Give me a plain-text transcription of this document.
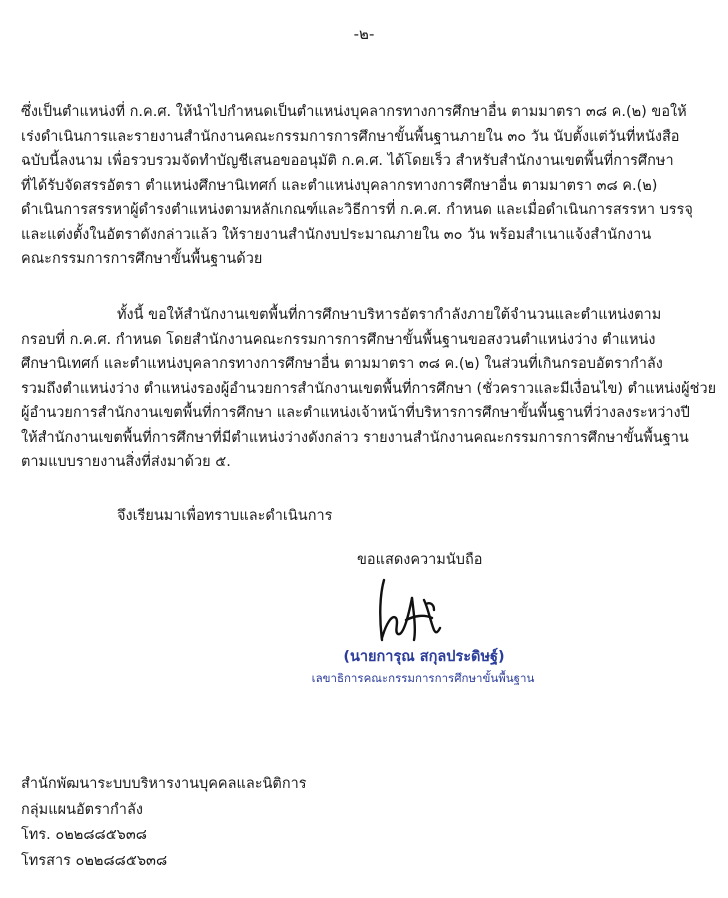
-๒-
ซึ่งเป็นตำแหน่งที่ ก.ค.ศ. ให้นำไปกำหนดเป็นตำแหน่งบุคลากรทางการศึกษาอื่น ตามมาตรา ๓๘ ค.(๒) ขอให้
เร่งดำเนินการและรายงานสำนักงานคณะกรรมการการศึกษาขั้นพื้นฐานภายใน ๓๐ วัน นับตั้งแต่วันที่หนังสือ
ฉบับนี้ลงนาม เพื่อรวบรวมจัดทำบัญชีเสนอขออนุมัติ ก.ค.ศ. ได้โดยเร็ว สำหรับสำนักงานเขตพื้นที่การศึกษา
ที่ได้รับจัดสรรอัตรา ตำแหน่งศึกษานิเทศก์ และตำแหน่งบุคลากรทางการศึกษาอื่น ตามมาตรา ๓๘ ค.(๒)
ดำเนินการสรรหาผู้ดำรงตำแหน่งตามหลักเกณฑ์และวิธีการที่ ก.ค.ศ. กำหนด และเมื่อดำเนินการสรรหา บรรจุ
และแต่งตั้งในอัตราดังกล่าวแล้ว ให้รายงานสำนักงบประมาณภายใน ๓๐ วัน พร้อมสำเนาแจ้งสำนักงาน
คณะกรรมการการศึกษาขั้นพื้นฐานด้วย
ทั้งนี้ ขอให้สำนักงานเขตพื้นที่การศึกษาบริหารอัตรากำลังภายใต้จำนวนและตำแหน่งตาม
กรอบที่ ก.ค.ศ. กำหนด โดยสำนักงานคณะกรรมการการศึกษาขั้นพื้นฐานขอสงวนตำแหน่งว่าง ตำแหน่ง
ศึกษานิเทศก์ และตำแหน่งบุคลากรทางการศึกษาอื่น ตามมาตรา ๓๘ ค.(๒) ในส่วนที่เกินกรอบอัตรากำลัง
รวมถึงตำแหน่งว่าง ตำแหน่งรองผู้อำนวยการสำนักงานเขตพื้นที่การศึกษา (ชั่วคราวและมีเงื่อนไข) ตำแหน่งผู้ช่วย
ผู้อำนวยการสำนักงานเขตพื้นที่การศึกษา และตำแหน่งเจ้าหน้าที่บริหารการศึกษาขั้นพื้นฐานที่ว่างลงระหว่างปี
ให้สำนักงานเขตพื้นที่การศึกษาที่มีตำแหน่งว่างดังกล่าว รายงานสำนักงานคณะกรรมการการศึกษาขั้นพื้นฐาน
ตามแบบรายงานสิ่งที่ส่งมาด้วย ๕.
จึงเรียนมาเพื่อทราบและดำเนินการ
ขอแสดงความนับถือ
(นายการุณ สกุลประดิษฐ์)
เลขาธิการคณะกรรมการการศึกษาขั้นพื้นฐาน
สำนักพัฒนาระบบบริหารงานบุคคลและนิติการ
กลุ่มแผนอัตรากำลัง
โทร. ๐๒๒๘๘๕๖๓๘
โทรสาร ๐๒๒๘๘๕๖๓๘
